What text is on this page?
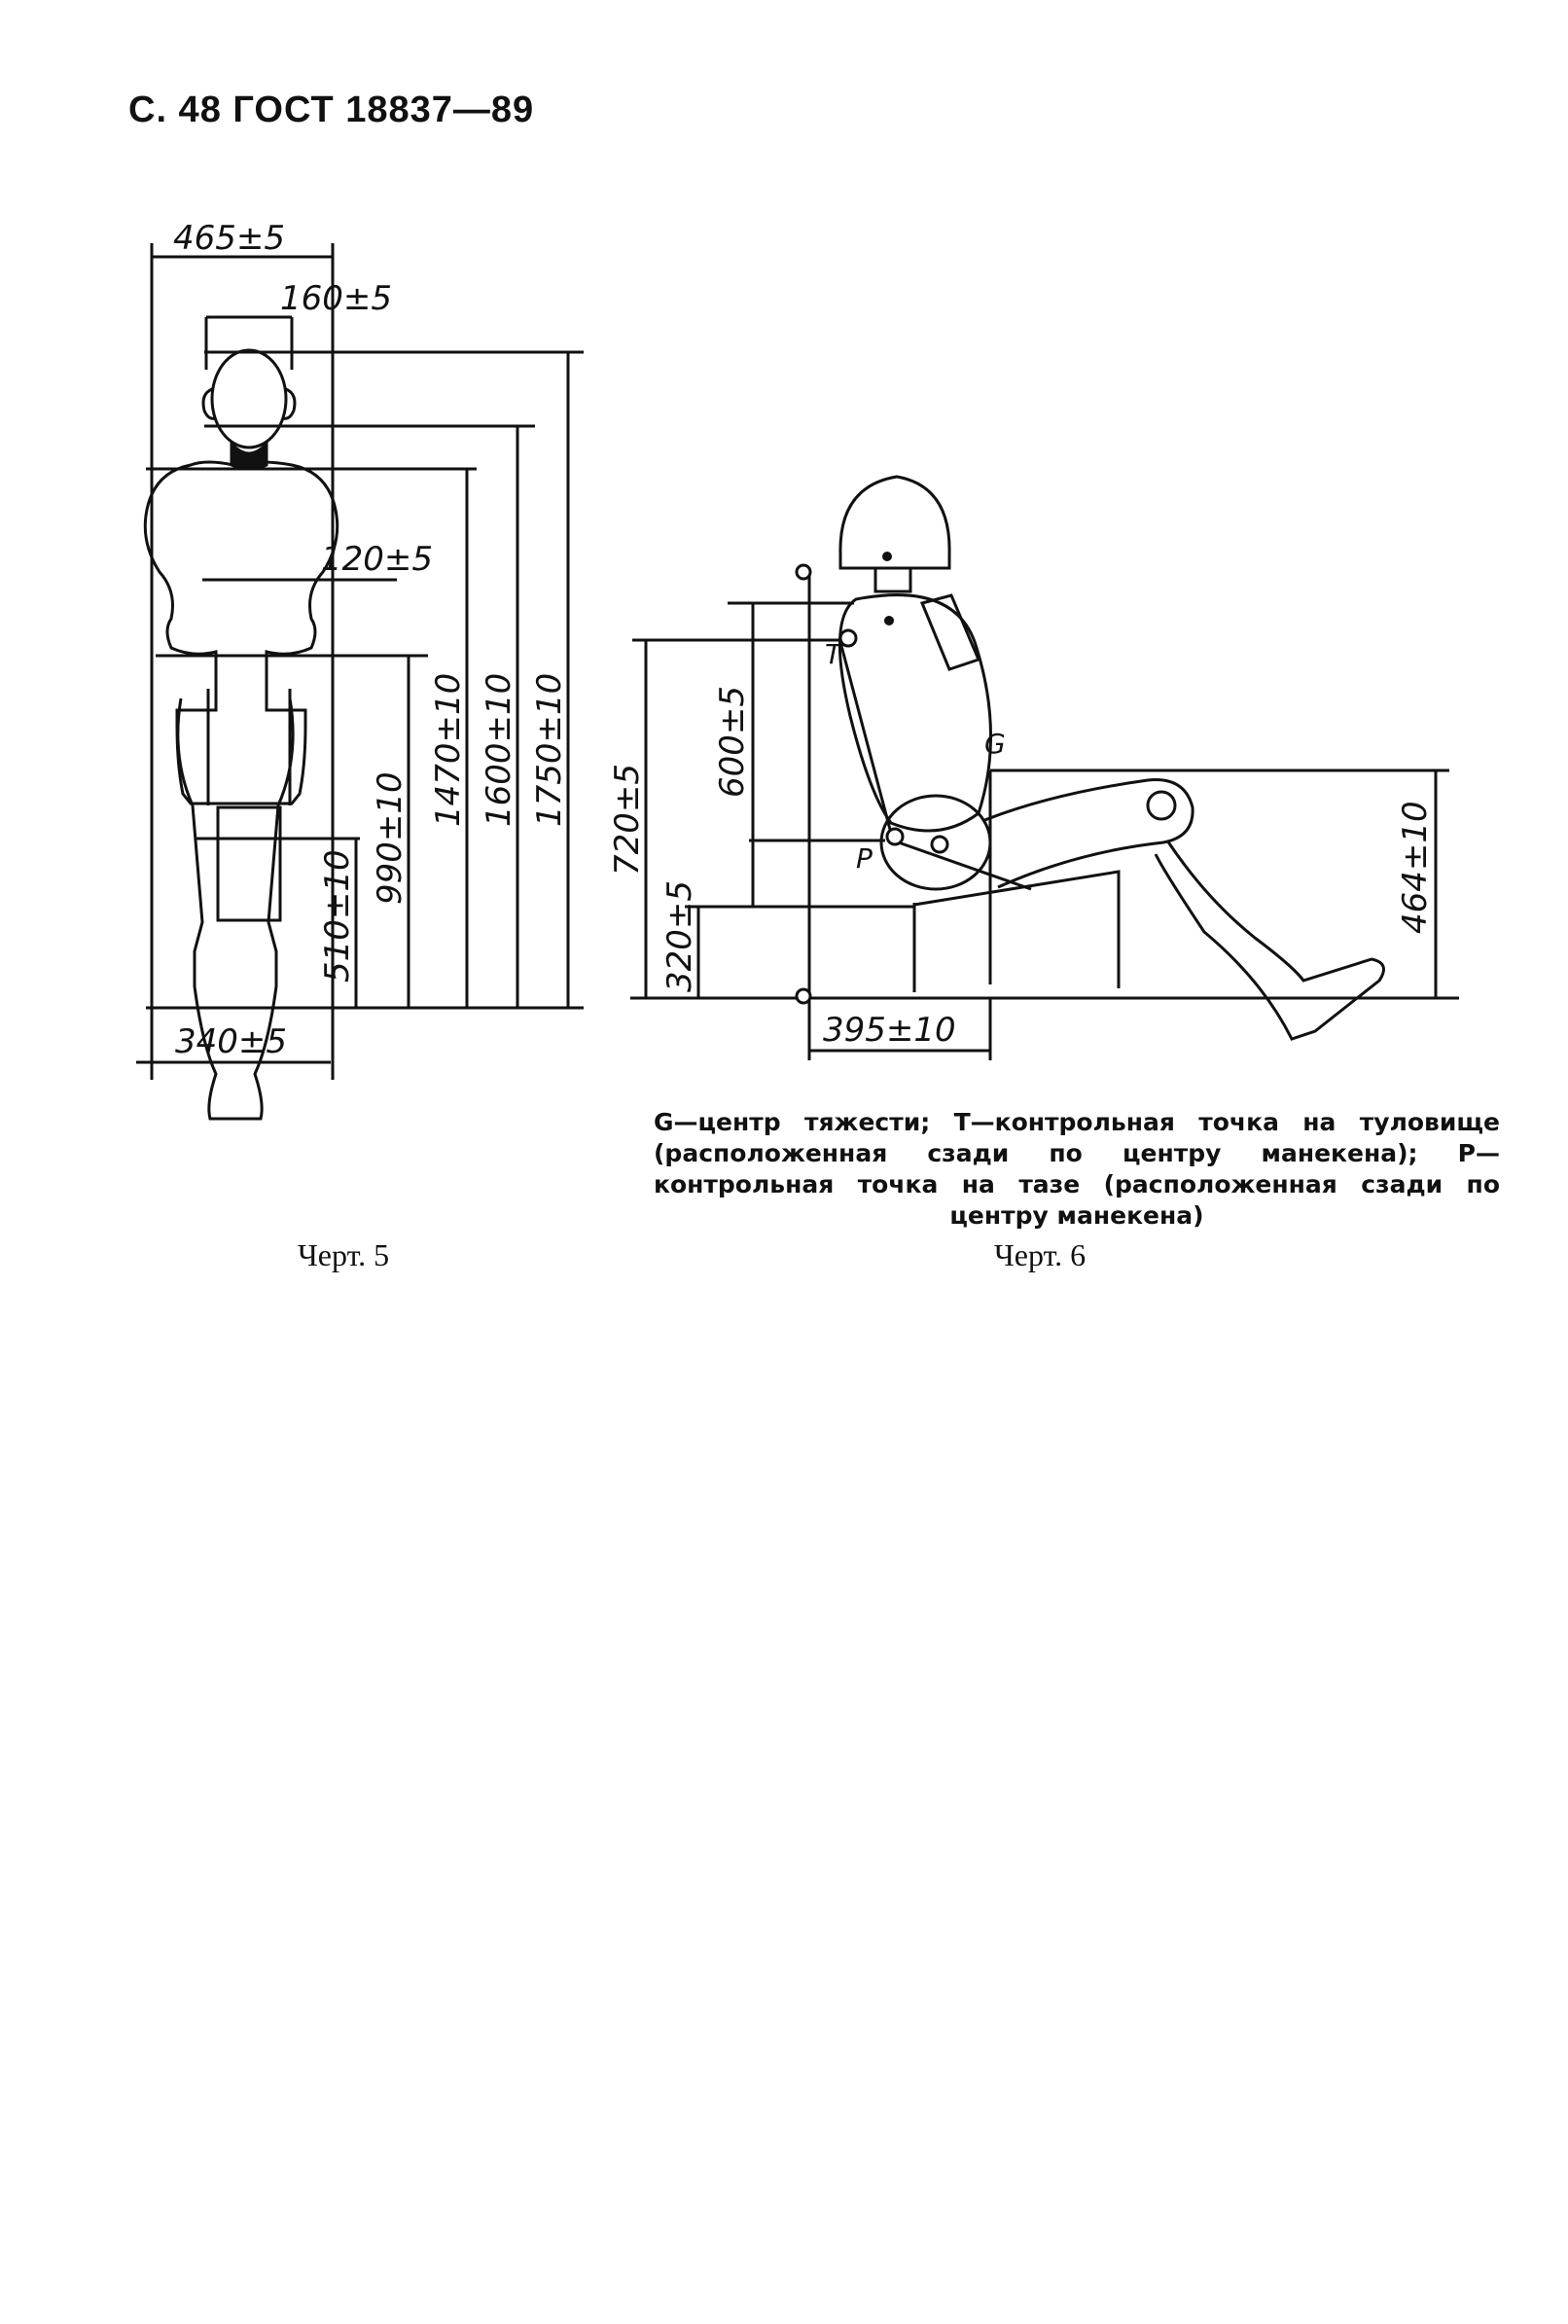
С. 48 ГОСТ 18837—89
465±5
160±5
120±5
340±5
510±10
990±10
1470±10 1600±10 1750±10 720±5
600±5
320±5
464±10
395±10
T
P
G
G—центр тяжести; T—контрольная точка на туловище (расположенная сзади по центру манекена); P—контрольная точка на тазе (расположенная сзади по центру манекена)
Черт. 5	Черт. 6
